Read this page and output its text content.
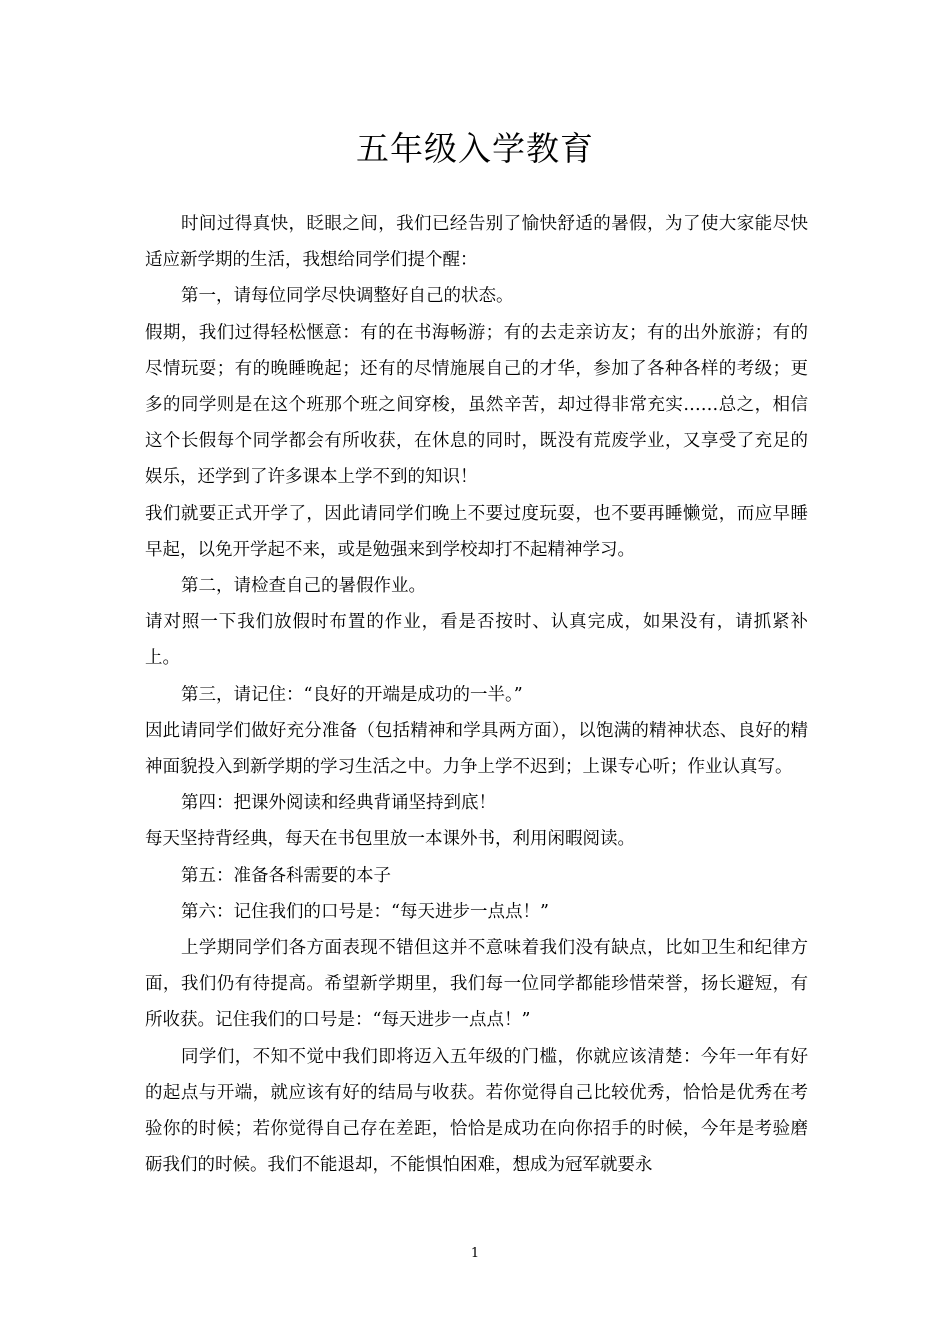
五年级入学教育

时间过得真快，眨眼之间，我们已经告别了愉快舒适的暑假，为了使大家能尽快适应新学期的生活，我想给同学们提个醒：

第一，请每位同学尽快调整好自己的状态。

假期，我们过得轻松惬意：有的在书海畅游；有的去走亲访友；有的出外旅游；有的尽情玩耍；有的晚睡晚起；还有的尽情施展自己的才华，参加了各种各样的考级；更多的同学则是在这个班那个班之间穿梭，虽然辛苦，却过得非常充实……总之，相信这个长假每个同学都会有所收获，在休息的同时，既没有荒废学业，又享受了充足的娱乐，还学到了许多课本上学不到的知识！

我们就要正式开学了，因此请同学们晚上不要过度玩耍，也不要再睡懒觉，而应早睡早起，以免开学起不来，或是勉强来到学校却打不起精神学习。

第二，请检查自己的暑假作业。

请对照一下我们放假时布置的作业，看是否按时、认真完成，如果没有，请抓紧补上。

第三，请记住：“良好的开端是成功的一半。”

因此请同学们做好充分准备（包括精神和学具两方面），以饱满的精神状态、良好的精神面貌投入到新学期的学习生活之中。力争上学不迟到；上课专心听；作业认真写。

第四：把课外阅读和经典背诵坚持到底！

每天坚持背经典，每天在书包里放一本课外书，利用闲暇阅读。

第五：准备各科需要的本子

第六：记住我们的口号是：“每天进步一点点！”

上学期同学们各方面表现不错但这并不意味着我们没有缺点，比如卫生和纪律方面，我们仍有待提高。希望新学期里，我们每一位同学都能珍惜荣誉，扬长避短，有所收获。记住我们的口号是：“每天进步一点点！”

同学们，不知不觉中我们即将迈入五年级的门槛，你就应该清楚：今年一年有好的起点与开端，就应该有好的结局与收获。若你觉得自己比较优秀，恰恰是优秀在考验你的时候；若你觉得自己存在差距，恰恰是成功在向你招手的时候，今年是考验磨砺我们的时候。我们不能退却，不能惧怕困难，想成为冠军就要永

1
